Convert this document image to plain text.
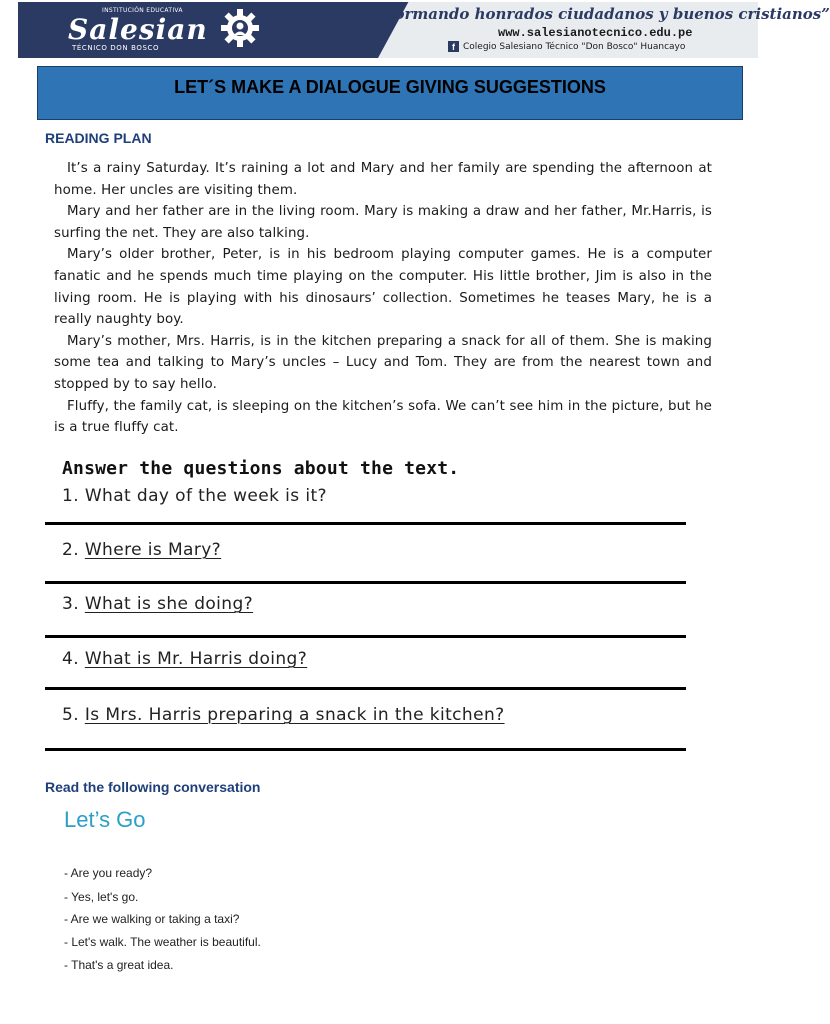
INSTITUCIÓN EDUCATIVA
Salesian
TÉCNICO DON BOSCO
“Formando honrados ciudadanos y buenos cristianos”
www.salesianotecnico.edu.pe
f Colegio Salesiano Técnico "Don Bosco" Huancayo
LET´S MAKE A DIALOGUE GIVING SUGGESTIONS
READING PLAN

It’s a rainy Saturday. It’s raining a lot and Mary and her family are spending the afternoon at home. Her uncles are visiting them.

Mary and her father are in the living room. Mary is making a draw and her father, Mr.Harris, is surfing the net. They are also talking.

Mary’s older brother, Peter, is in his bedroom playing computer games. He is a computer fanatic and he spends much time playing on the computer. His little brother, Jim is also in the living room. He is playing with his dinosaurs’ collection. Sometimes he teases Mary, he is a really naughty boy.

Mary’s mother, Mrs. Harris, is in the kitchen preparing a snack for all of them. She is making some tea and talking to Mary’s uncles – Lucy and Tom. They are from the nearest town and stopped by to say hello.

Fluffy, the family cat, is sleeping on the kitchen’s sofa. We can’t see him in the picture, but he is a true fluffy cat.

Answer the questions about the text.
1. What day of the week is it?
2. Where is Mary?
3. What is she doing?
4. What is Mr. Harris doing?
5. Is Mrs. Harris preparing a snack in the kitchen?
Read the following conversation
Let’s Go
- Are you ready?
- Yes, let's go.
- Are we walking or taking a taxi?
- Let's walk. The weather is beautiful.
- That's a great idea.
